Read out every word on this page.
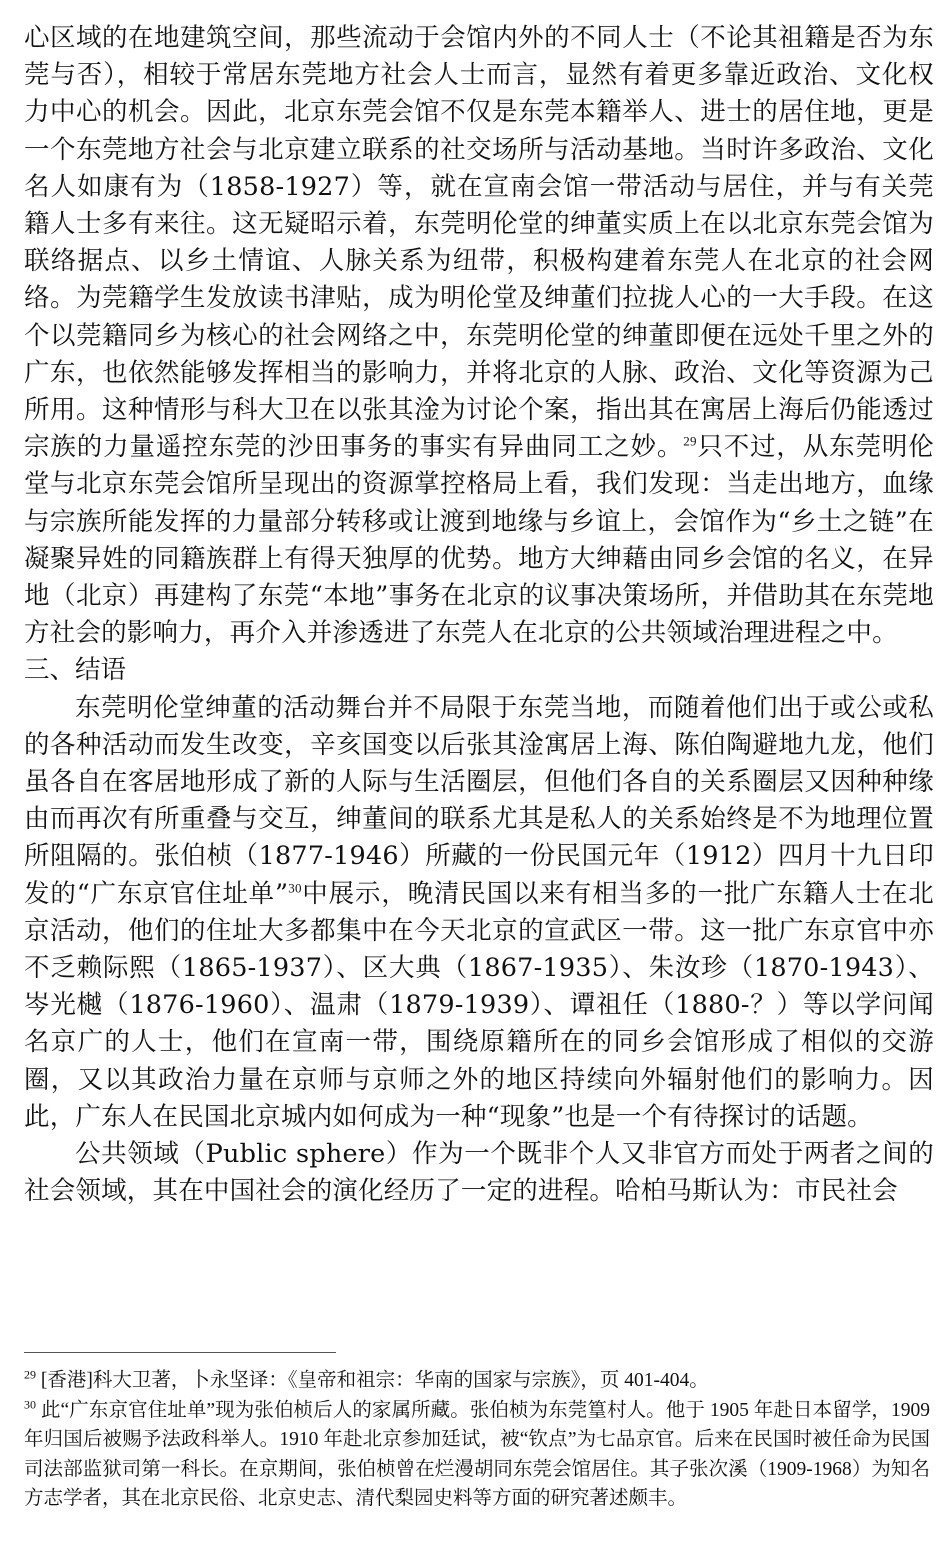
心区域的在地建筑空间，那些流动于会馆内外的不同人士（不论其祖籍是否为东莞与否），相较于常居东莞地方社会人士而言，显然有着更多靠近政治、文化权力中心的机会。因此，北京东莞会馆不仅是东莞本籍举人、进士的居住地，更是一个东莞地方社会与北京建立联系的社交场所与活动基地。当时许多政治、文化名人如康有为（1858-1927）等，就在宣南会馆一带活动与居住，并与有关莞籍人士多有来往。这无疑昭示着，东莞明伦堂的绅董实质上在以北京东莞会馆为联络据点、以乡土情谊、人脉关系为纽带，积极构建着东莞人在北京的社会网络。为莞籍学生发放读书津贴，成为明伦堂及绅董们拉拢人心的一大手段。在这个以莞籍同乡为核心的社会网络之中，东莞明伦堂的绅董即便在远处千里之外的广东，也依然能够发挥相当的影响力，并将北京的人脉、政治、文化等资源为己所用。这种情形与科大卫在以张其淦为讨论个案，指出其在寓居上海后仍能透过宗族的力量遥控东莞的沙田事务的事实有异曲同工之妙。$^{29}$只不过，从东莞明伦堂与北京东莞会馆所呈现出的资源掌控格局上看，我们发现：当走出地方，血缘与宗族所能发挥的力量部分转移或让渡到地缘与乡谊上，会馆作为“乡土之链”在凝聚异姓的同籍族群上有得天独厚的优势。地方大绅藉由同乡会馆的名义，在异地（北京）再建构了东莞“本地”事务在北京的议事决策场所，并借助其在东莞地方社会的影响力，再介入并渗透进了东莞人在北京的公共领域治理进程之中。

三、结语

东莞明伦堂绅董的活动舞台并不局限于东莞当地，而随着他们出于或公或私的各种活动而发生改变，辛亥国变以后张其淦寓居上海、陈伯陶避地九龙，他们虽各自在客居地形成了新的人际与生活圈层，但他们各自的关系圈层又因种种缘由而再次有所重叠与交互，绅董间的联系尤其是私人的关系始终是不为地理位置所阻隔的。张伯桢（1877-1946）所藏的一份民国元年（1912）四月十九日印发的“广东京官住址单”$^{30}$中展示，晚清民国以来有相当多的一批广东籍人士在北京活动，他们的住址大多都集中在今天北京的宣武区一带。这一批广东京官中亦不乏赖际熙（1865-1937）、区大典（1867-1935）、朱汝珍（1870-1943）、岑光樾（1876-1960）、温肃（1879-1939）、谭祖任（1880-？）等以学问闻名京广的人士，他们在宣南一带，围绕原籍所在的同乡会馆形成了相似的交游圈，又以其政治力量在京师与京师之外的地区持续向外辐射他们的影响力。因此，广东人在民国北京城内如何成为一种“现象”也是一个有待探讨的话题。

公共领域（Public sphere）作为一个既非个人又非官方而处于两者之间的社会领域，其在中国社会的演化经历了一定的进程。哈柏马斯认为：市民社会

$^{29}$ [香港]科大卫著，卜永坚译：《皇帝和祖宗：华南的国家与宗族》，页 401-404。

$^{30}$ 此“广东京官住址单”现为张伯桢后人的家属所藏。张伯桢为东莞篁村人。他于 1905 年赴日本留学，1909 年归国后被赐予法政科举人。1910 年赴北京参加廷试，被“钦点”为七品京官。后来在民国时被任命为民国司法部监狱司第一科长。在京期间，张伯桢曾在烂漫胡同东莞会馆居住。其子张次溪（1909-1968）为知名方志学者，其在北京民俗、北京史志、清代梨园史料等方面的研究著述颇丰。
